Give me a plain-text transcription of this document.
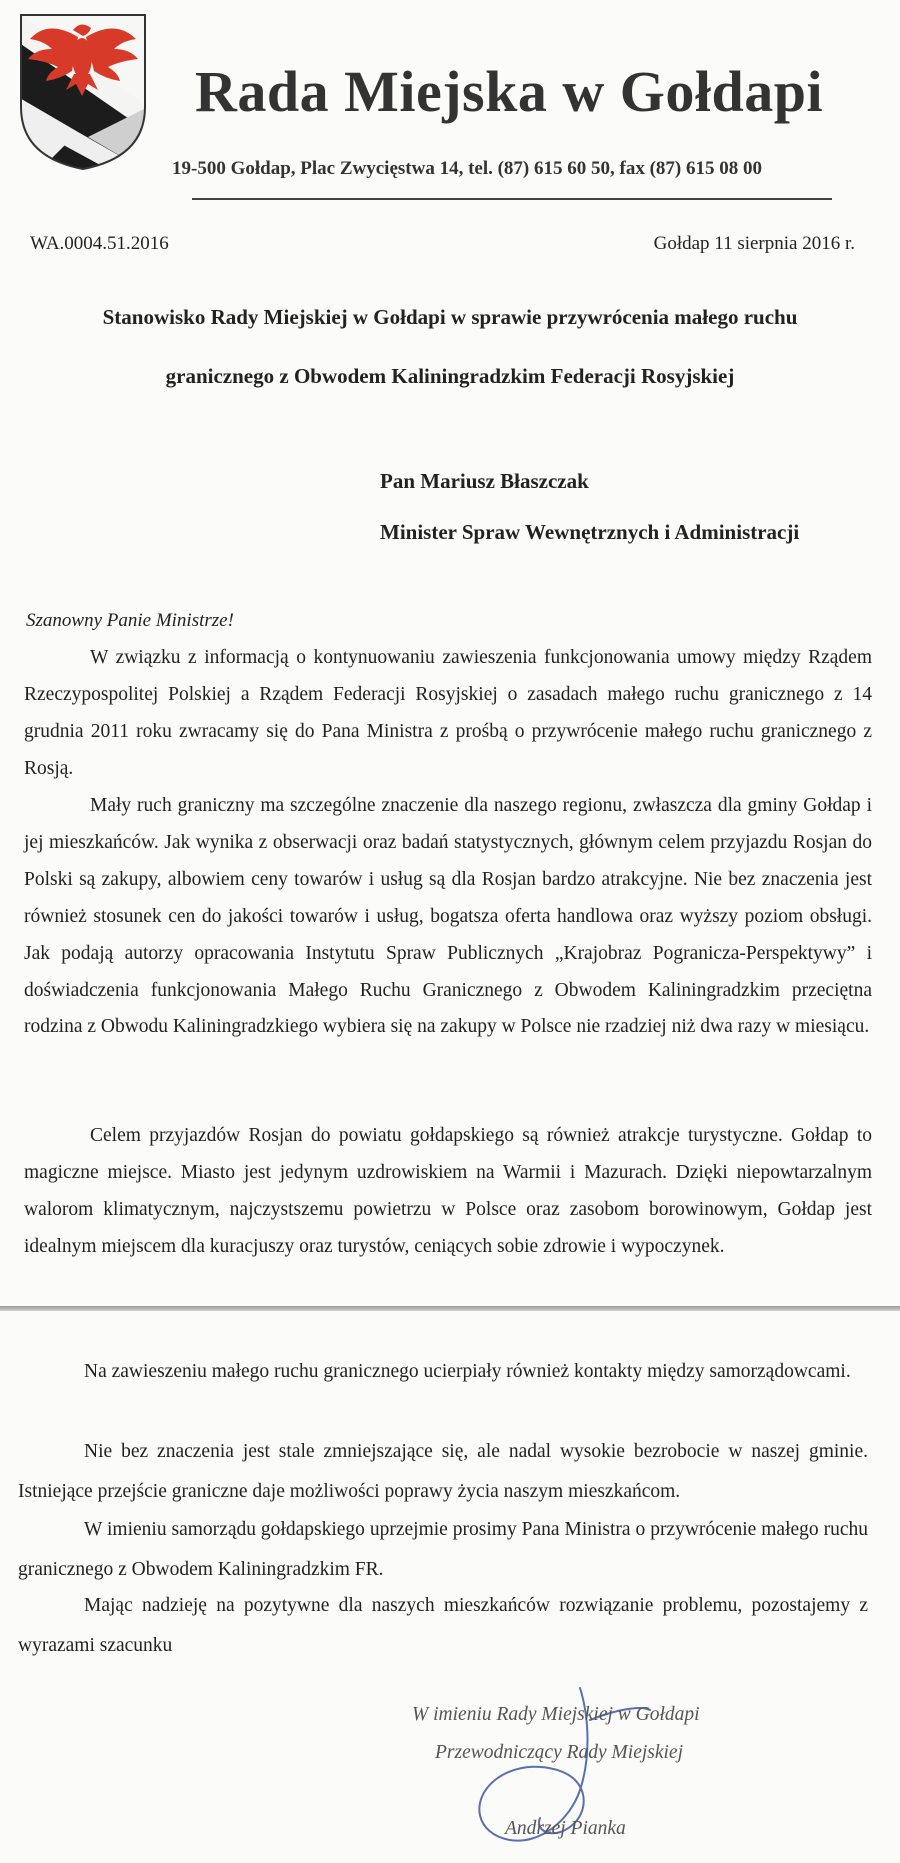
Rada Miejska w Gołdapi
19-500 Gołdap, Plac Zwycięstwa 14, tel. (87) 615 60 50, fax (87) 615 08 00
WA.0004.51.2016	Gołdap 11 sierpnia 2016 r.
Stanowisko Rady Miejskiej w Gołdapi w sprawie przywrócenia małego ruchu
granicznego z Obwodem Kaliningradzkim Federacji Rosyjskiej
Pan Mariusz Błaszczak
Minister Spraw Wewnętrznych i Administracji
Szanowny Panie Ministrze!

W związku z informacją o kontynuowaniu zawieszenia funkcjonowania umowy między Rządem Rzeczypospolitej Polskiej a Rządem Federacji Rosyjskiej o zasadach małego ruchu granicznego z 14 grudnia 2011 roku zwracamy się do Pana Ministra z prośbą o przywrócenie małego ruchu granicznego z Rosją.

Mały ruch graniczny ma szczególne znaczenie dla naszego regionu, zwłaszcza dla gminy Gołdap i jej mieszkańców. Jak wynika z obserwacji oraz badań statystycznych, głównym celem przyjazdu Rosjan do Polski są zakupy, albowiem ceny towarów i usług są dla Rosjan bardzo atrakcyjne. Nie bez znaczenia jest również stosunek cen do jakości towarów i usług, bogatsza oferta handlowa oraz wyższy poziom obsługi. Jak podają autorzy opracowania Instytutu Spraw Publicznych „Krajobraz Pogranicza-Perspektywy” i doświadczenia funkcjonowania Małego Ruchu Granicznego z Obwodem Kaliningradzkim przeciętna rodzina z Obwodu Kaliningradzkiego wybiera się na zakupy w Polsce nie rzadziej niż dwa razy w miesiącu.

Celem przyjazdów Rosjan do powiatu gołdapskiego są również atrakcje turystyczne. Gołdap to magiczne miejsce. Miasto jest jedynym uzdrowiskiem na Warmii i Mazurach. Dzięki niepowtarzalnym walorom klimatycznym, najczystszemu powietrzu w Polsce oraz zasobom borowinowym, Gołdap jest idealnym miejscem dla kuracjuszy oraz turystów, ceniących sobie zdrowie i wypoczynek.

Na zawieszeniu małego ruchu granicznego ucierpiały również kontakty między samorządowcami.

Nie bez znaczenia jest stale zmniejszające się, ale nadal wysokie bezrobocie w naszej gminie. Istniejące przejście graniczne daje możliwości poprawy życia naszym mieszkańcom.

W imieniu samorządu gołdapskiego uprzejmie prosimy Pana Ministra o przywrócenie małego ruchu granicznego z Obwodem Kaliningradzkim FR.

Mając nadzieję na pozytywne dla naszych mieszkańców rozwiązanie problemu, pozostajemy z wyrazami szacunku

W imieniu Rady Miejskiej w Gołdapi
Przewodniczący Rady Miejskiej
Andrzej Pianka
